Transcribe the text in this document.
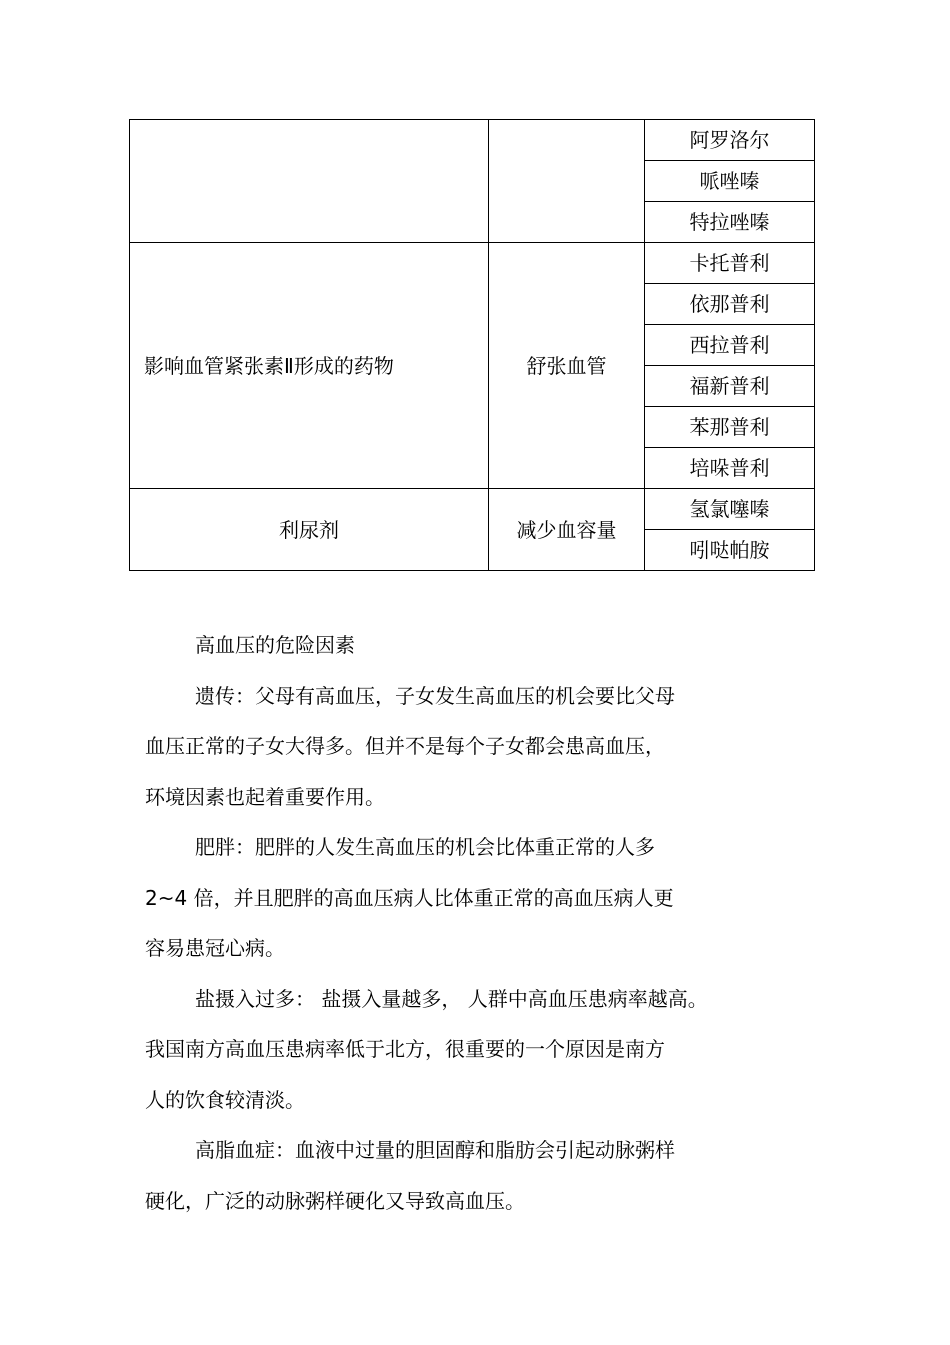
		阿罗洛尔
		哌唑嗪
		特拉唑嗪
影响血管紧张素Ⅱ形成的药物	舒张血管	卡托普利
		依那普利
		西拉普利
		福新普利
		苯那普利
		培哚普利
利尿剂	减少血容量	氢氯噻嗪
		吲哒帕胺

高血压的危险因素

遗传：父母有高血压，子女发生高血压的机会要比父母

血压正常的子女大得多。但并不是每个子女都会患高血压，

环境因素也起着重要作用。

肥胖：肥胖的人发生高血压的机会比体重正常的人多

2~4 倍，并且肥胖的高血压病人比体重正常的高血压病人更

容易患冠心病。

盐摄入过多： 盐摄入量越多， 人群中高血压患病率越高。

我国南方高血压患病率低于北方，很重要的一个原因是南方

人的饮食较清淡。

高脂血症：血液中过量的胆固醇和脂肪会引起动脉粥样

硬化，广泛的动脉粥样硬化又导致高血压。
